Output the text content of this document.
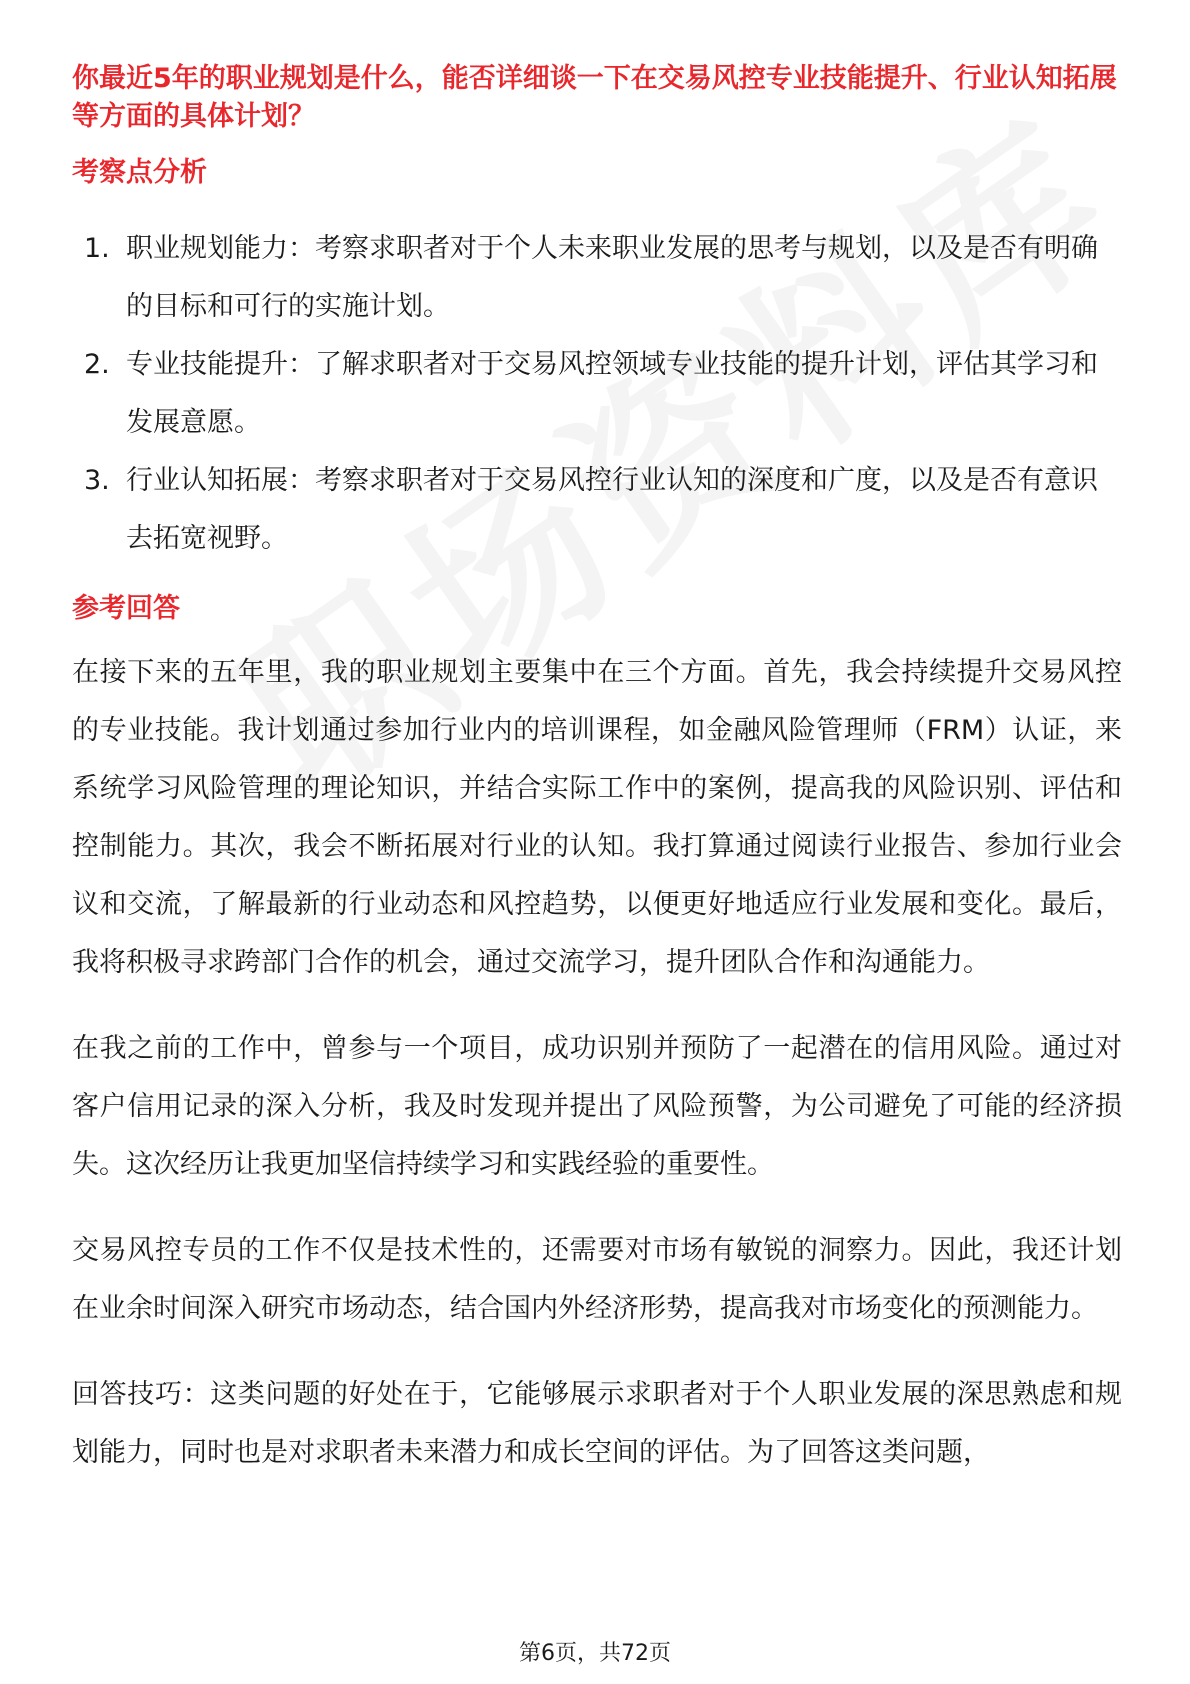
你最近5年的职业规划是什么，能否详细谈一下在交易风控专业技能提升、行业认知拓展等方面的具体计划？

考察点分析

1. 职业规划能力：考察求职者对于个人未来职业发展的思考与规划，以及是否有明确的目标和可行的实施计划。
2. 专业技能提升：了解求职者对于交易风控领域专业技能的提升计划，评估其学习和发展意愿。
3. 行业认知拓展：考察求职者对于交易风控行业认知的深度和广度，以及是否有意识去拓宽视野。

参考回答

在接下来的五年里，我的职业规划主要集中在三个方面。首先，我会持续提升交易风控的专业技能。我计划通过参加行业内的培训课程，如金融风险管理师（FRM）认证，来系统学习风险管理的理论知识，并结合实际工作中的案例，提高我的风险识别、评估和控制能力。其次，我会不断拓展对行业的认知。我打算通过阅读行业报告、参加行业会议和交流，了解最新的行业动态和风控趋势，以便更好地适应行业发展和变化。最后，我将积极寻求跨部门合作的机会，通过交流学习，提升团队合作和沟通能力。

在我之前的工作中，曾参与一个项目，成功识别并预防了一起潜在的信用风险。通过对客户信用记录的深入分析，我及时发现并提出了风险预警，为公司避免了可能的经济损失。这次经历让我更加坚信持续学习和实践经验的重要性。

交易风控专员的工作不仅是技术性的，还需要对市场有敏锐的洞察力。因此，我还计划在业余时间深入研究市场动态，结合国内外经济形势，提高我对市场变化的预测能力。

回答技巧：这类问题的好处在于，它能够展示求职者对于个人职业发展的深思熟虑和规划能力，同时也是对求职者未来潜力和成长空间的评估。为了回答这类问题，

第6页，共72页
